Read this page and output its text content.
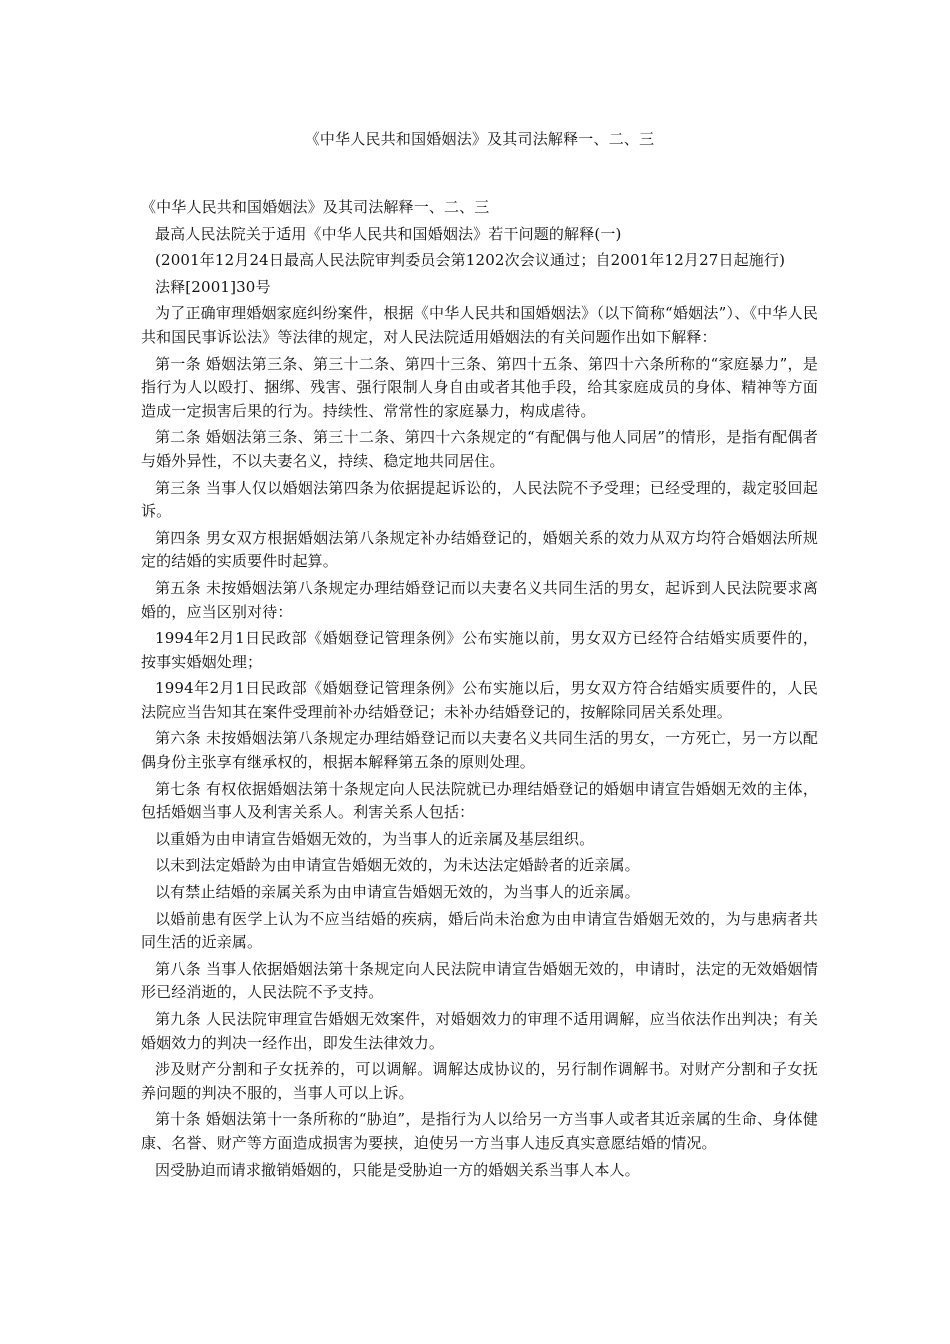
《中华人民共和国婚姻法》及其司法解释一、二、三

《中华人民共和国婚姻法》及其司法解释一、二、三

最高人民法院关于适用《中华人民共和国婚姻法》若干问题的解释(一)

(2001年12月24日最高人民法院审判委员会第1202次会议通过；自2001年12月27日起施行)

法释[2001]30号

为了正确审理婚姻家庭纠纷案件，根据《中华人民共和国婚姻法》（以下简称“婚姻法”）、《中华人民共和国民事诉讼法》等法律的规定，对人民法院适用婚姻法的有关问题作出如下解释：

第一条 婚姻法第三条、第三十二条、第四十三条、第四十五条、第四十六条所称的“家庭暴力”，是指行为人以殴打、捆绑、残害、强行限制人身自由或者其他手段，给其家庭成员的身体、精神等方面造成一定损害后果的行为。持续性、常常性的家庭暴力，构成虐待。

第二条 婚姻法第三条、第三十二条、第四十六条规定的“有配偶与他人同居”的情形，是指有配偶者与婚外异性，不以夫妻名义，持续、稳定地共同居住。

第三条 当事人仅以婚姻法第四条为依据提起诉讼的，人民法院不予受理；已经受理的，裁定驳回起诉。

第四条 男女双方根据婚姻法第八条规定补办结婚登记的，婚姻关系的效力从双方均符合婚姻法所规定的结婚的实质要件时起算。

第五条 未按婚姻法第八条规定办理结婚登记而以夫妻名义共同生活的男女，起诉到人民法院要求离婚的，应当区别对待：

1994年2月1日民政部《婚姻登记管理条例》公布实施以前，男女双方已经符合结婚实质要件的，按事实婚姻处理；

1994年2月1日民政部《婚姻登记管理条例》公布实施以后，男女双方符合结婚实质要件的，人民法院应当告知其在案件受理前补办结婚登记；未补办结婚登记的，按解除同居关系处理。

第六条 未按婚姻法第八条规定办理结婚登记而以夫妻名义共同生活的男女，一方死亡，另一方以配偶身份主张享有继承权的，根据本解释第五条的原则处理。

第七条 有权依据婚姻法第十条规定向人民法院就已办理结婚登记的婚姻申请宣告婚姻无效的主体，包括婚姻当事人及利害关系人。利害关系人包括：

以重婚为由申请宣告婚姻无效的，为当事人的近亲属及基层组织。

以未到法定婚龄为由申请宣告婚姻无效的，为未达法定婚龄者的近亲属。

以有禁止结婚的亲属关系为由申请宣告婚姻无效的，为当事人的近亲属。

以婚前患有医学上认为不应当结婚的疾病，婚后尚未治愈为由申请宣告婚姻无效的，为与患病者共同生活的近亲属。

第八条 当事人依据婚姻法第十条规定向人民法院申请宣告婚姻无效的，申请时，法定的无效婚姻情形已经消逝的，人民法院不予支持。

第九条 人民法院审理宣告婚姻无效案件，对婚姻效力的审理不适用调解，应当依法作出判决；有关婚姻效力的判决一经作出，即发生法律效力。

涉及财产分割和子女抚养的，可以调解。调解达成协议的，另行制作调解书。对财产分割和子女抚养问题的判决不服的，当事人可以上诉。

第十条 婚姻法第十一条所称的“胁迫”，是指行为人以给另一方当事人或者其近亲属的生命、身体健康、名誉、财产等方面造成损害为要挟，迫使另一方当事人违反真实意愿结婚的情况。

因受胁迫而请求撤销婚姻的，只能是受胁迫一方的婚姻关系当事人本人。
